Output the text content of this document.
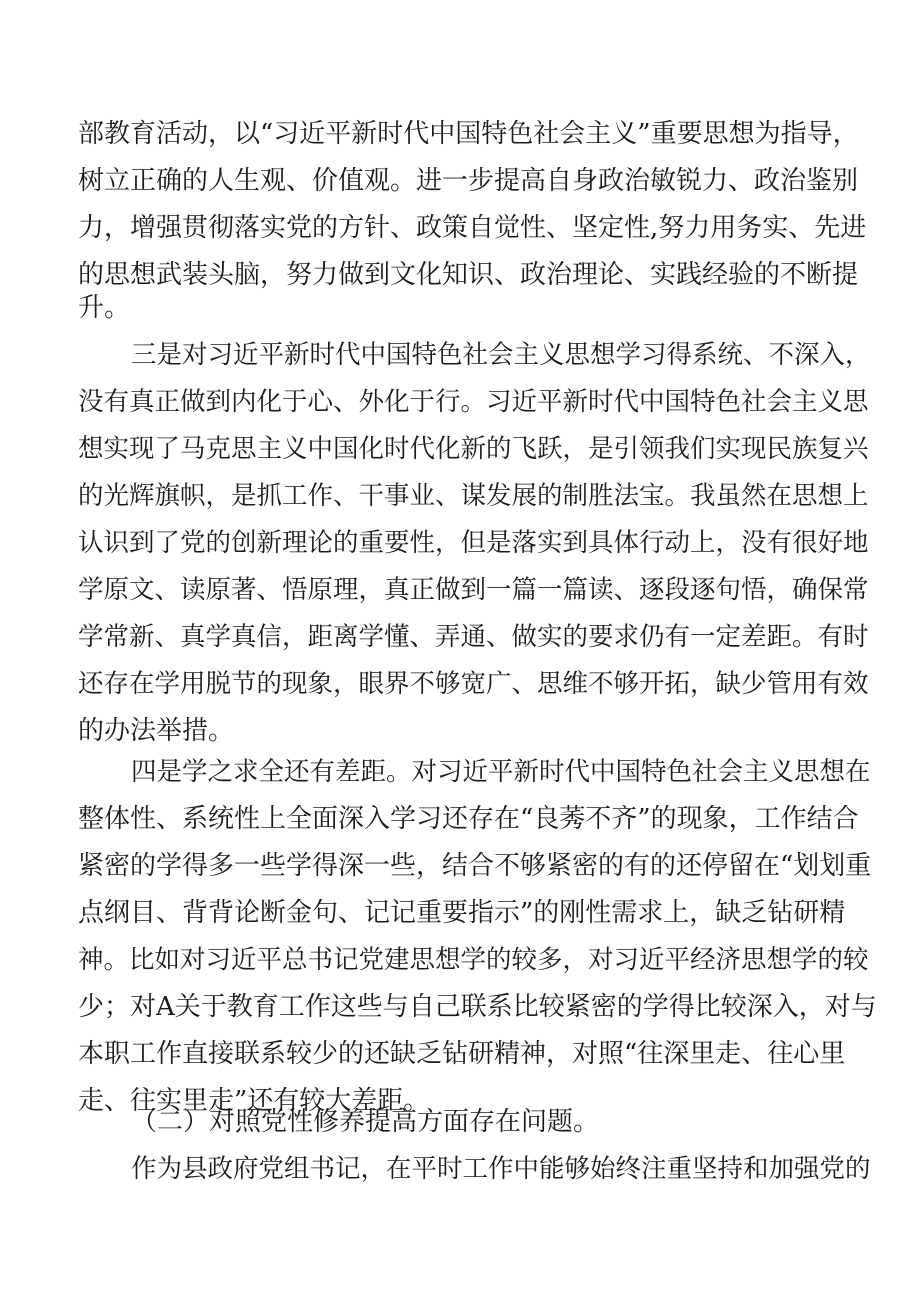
部教育活动，以“习近平新时代中国特色社会主义”重要思想为指导，
树立正确的人生观、价值观。进一步提高自身政治敏锐力、政治鉴别
力，增强贯彻落实党的方针、政策自觉性、坚定性,努力用务实、先进
的思想武装头脑，努力做到文化知识、政治理论、实践经验的不断提
升。
三是对习近平新时代中国特色社会主义思想学习得系统、不深入，
没有真正做到内化于心、外化于行。习近平新时代中国特色社会主义思
想实现了马克思主义中国化时代化新的飞跃，是引领我们实现民族复兴
的光辉旗帜，是抓工作、干事业、谋发展的制胜法宝。我虽然在思想上
认识到了党的创新理论的重要性，但是落实到具体行动上，没有很好地
学原文、读原著、悟原理，真正做到一篇一篇读、逐段逐句悟，确保常
学常新、真学真信，距离学懂、弄通、做实的要求仍有一定差距。有时
还存在学用脱节的现象，眼界不够宽广、思维不够开拓，缺少管用有效
的办法举措。
四是学之求全还有差距。对习近平新时代中国特色社会主义思想在
整体性、系统性上全面深入学习还存在“良莠不齐”的现象，工作结合
紧密的学得多一些学得深一些，结合不够紧密的有的还停留在“划划重
点纲目、背背论断金句、记记重要指示”的刚性需求上，缺乏钻研精
神。比如对习近平总书记党建思想学的较多，对习近平经济思想学的较
少；对A关于教育工作这些与自己联系比较紧密的学得比较深入，对与
本职工作直接联系较少的还缺乏钻研精神，对照“往深里走、往心里
走、往实里走”还有较大差距。
（二）对照党性修养提高方面存在问题。
作为县政府党组书记，在平时工作中能够始终注重坚持和加强党的
